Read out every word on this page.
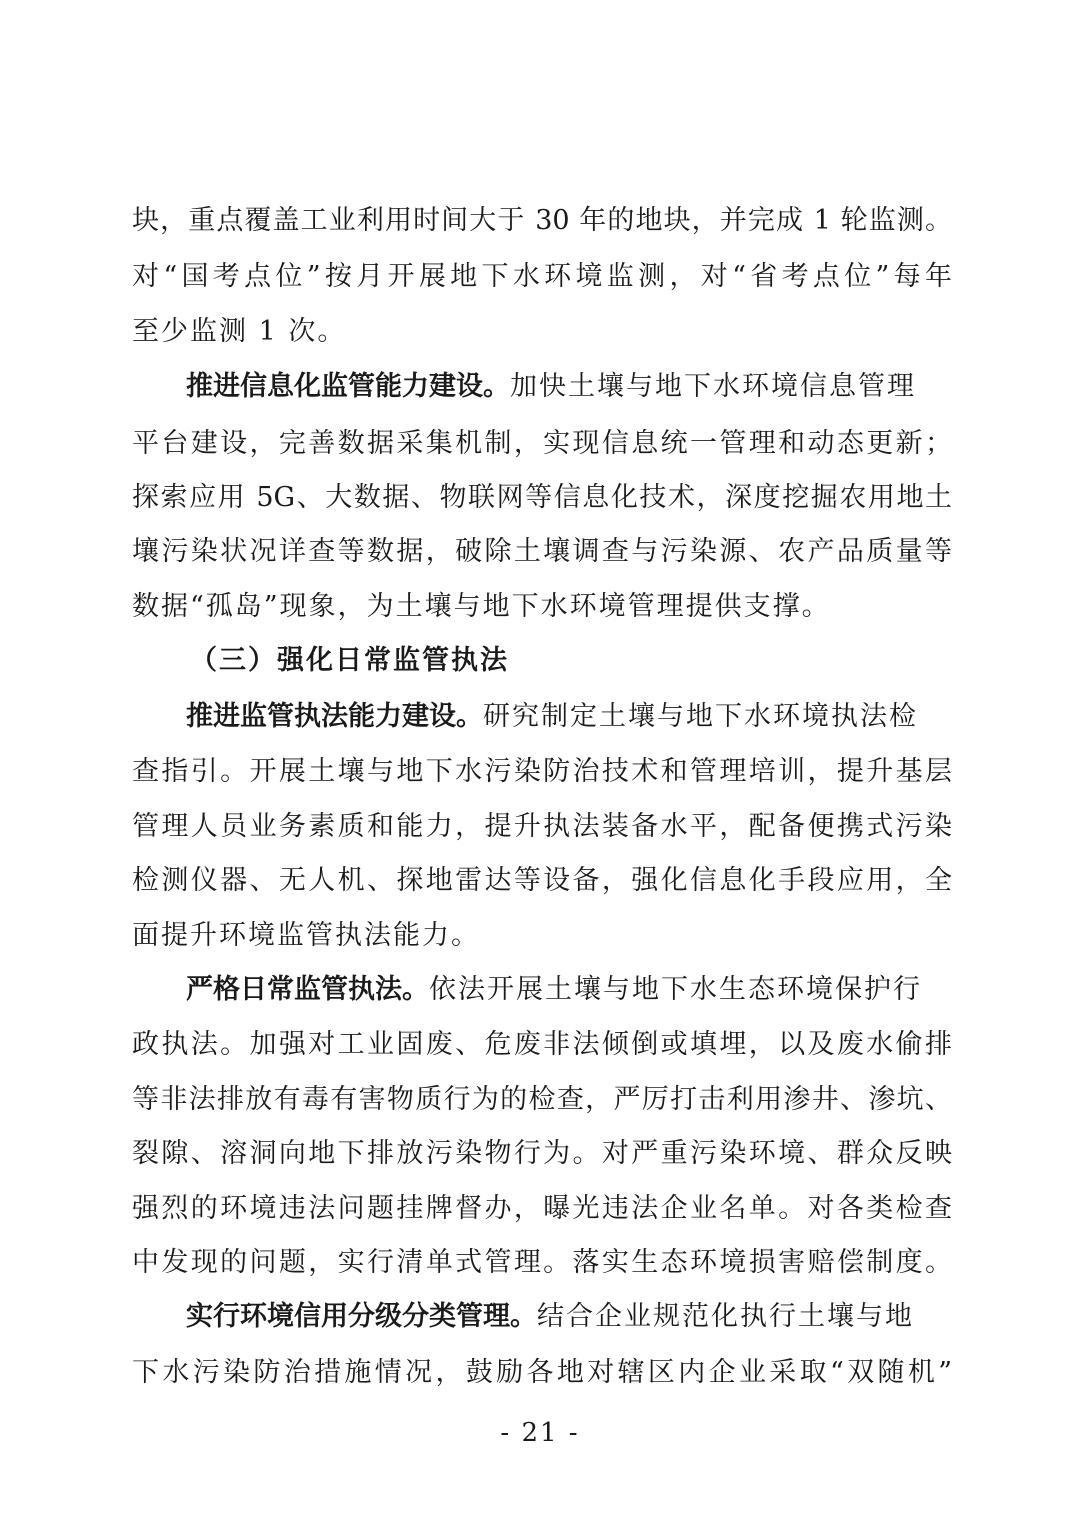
块，重点覆盖工业利用时间大于 30 年的地块，并完成 1 轮监测。
对“国考点位”按月开展地下水环境监测，对“省考点位”每年
至少监测 1 次。
推进信息化监管能力建设。加快土壤与地下水环境信息管理
平台建设，完善数据采集机制，实现信息统一管理和动态更新；
探索应用 5G、大数据、物联网等信息化技术，深度挖掘农用地土
壤污染状况详查等数据，破除土壤调查与污染源、农产品质量等
数据“孤岛”现象，为土壤与地下水环境管理提供支撑。
（三）强化日常监管执法
推进监管执法能力建设。研究制定土壤与地下水环境执法检
查指引。开展土壤与地下水污染防治技术和管理培训，提升基层
管理人员业务素质和能力，提升执法装备水平，配备便携式污染
检测仪器、无人机、探地雷达等设备，强化信息化手段应用，全
面提升环境监管执法能力。
严格日常监管执法。依法开展土壤与地下水生态环境保护行
政执法。加强对工业固废、危废非法倾倒或填埋，以及废水偷排
等非法排放有毒有害物质行为的检查，严厉打击利用渗井、渗坑、
裂隙、溶洞向地下排放污染物行为。对严重污染环境、群众反映
强烈的环境违法问题挂牌督办，曝光违法企业名单。对各类检查
中发现的问题，实行清单式管理。落实生态环境损害赔偿制度。
实行环境信用分级分类管理。结合企业规范化执行土壤与地
下水污染防治措施情况，鼓励各地对辖区内企业采取“双随机”
- 21 -
